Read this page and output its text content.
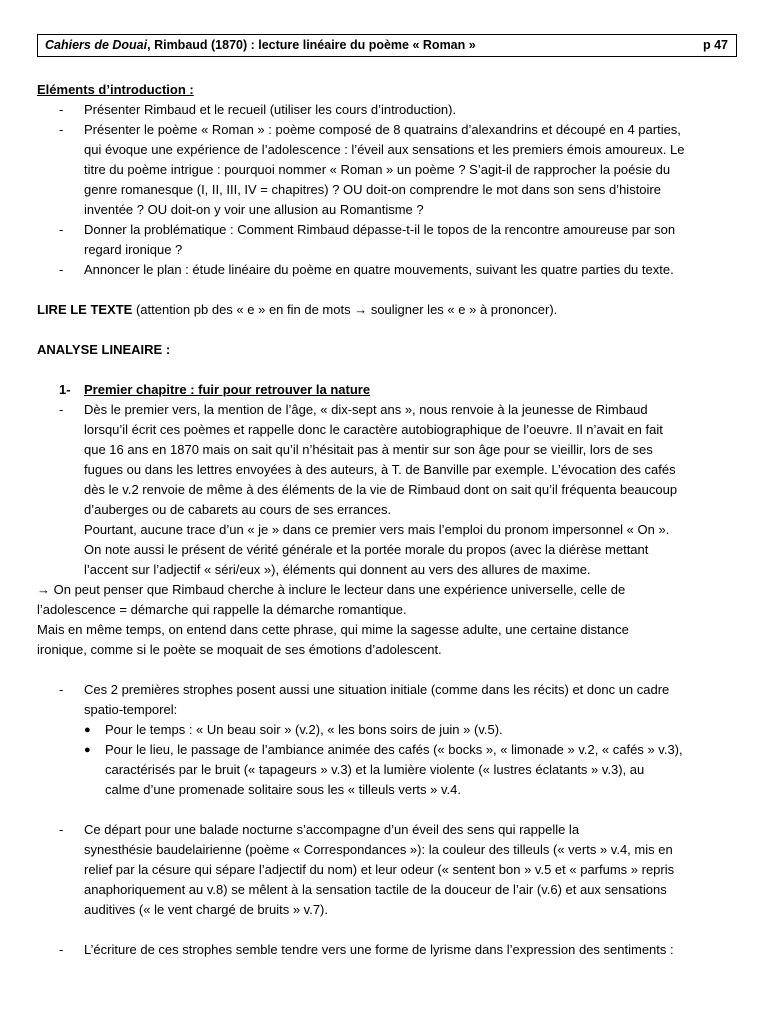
Cahiers de Douai, Rimbaud (1870) : lecture linéaire du poème « Roman »	p 47

Eléments d’introduction :

- Présenter Rimbaud et le recueil (utiliser les cours d’introduction).

- Présenter le poème « Roman » : poème composé de 8 quatrains d’alexandrins et découpé en 4 parties,

qui évoque une expérience de l’adolescence : l’éveil aux sensations et les premiers émois amoureux. Le

titre du poème intrigue : pourquoi nommer « Roman » un poème ? S’agit-il de rapprocher la poésie du

genre romanesque (I, II, III, IV = chapitres) ? OU doit-on comprendre le mot dans son sens d’histoire

inventée ? OU doit-on y voir une allusion au Romantisme ?

- Donner la problématique : Comment Rimbaud dépasse-t-il le topos de la rencontre amoureuse par son

regard ironique ?

- Annoncer le plan : étude linéaire du poème en quatre mouvements, suivant les quatre parties du texte.

LIRE LE TEXTE (attention pb des « e » en fin de mots → souligner les « e » à prononcer).

ANALYSE LINEAIRE :

1- Premier chapitre : fuir pour retrouver la nature

- Dès le premier vers, la mention de l’âge, « dix-sept ans », nous renvoie à la jeunesse de Rimbaud

lorsqu’il écrit ces poèmes et rappelle donc le caractère autobiographique de l’oeuvre. Il n’avait en fait

que 16 ans en 1870 mais on sait qu’il n’hésitait pas à mentir sur son âge pour se vieillir, lors de ses

fugues ou dans les lettres envoyées à des auteurs, à T. de Banville par exemple. L’évocation des cafés

dès le v.2 renvoie de même à des éléments de la vie de Rimbaud dont on sait qu’il fréquenta beaucoup

d’auberges ou de cabarets au cours de ses errances.

Pourtant, aucune trace d’un « je » dans ce premier vers mais l’emploi du pronom impersonnel « On ».

On note aussi le présent de vérité générale et la portée morale du propos (avec la diérèse mettant

l’accent sur l’adjectif « séri/eux »), éléments qui donnent au vers des allures de maxime.

→ On peut penser que Rimbaud cherche à inclure le lecteur dans une expérience universelle, celle de

l’adolescence = démarche qui rappelle la démarche romantique.

Mais en même temps, on entend dans cette phrase, qui mime la sagesse adulte, une certaine distance

ironique, comme si le poète se moquait de ses émotions d’adolescent.

- Ces 2 premières strophes posent aussi une situation initiale (comme dans les récits) et donc un cadre

spatio-temporel:

● Pour le temps : « Un beau soir » (v.2), « les bons soirs de juin » (v.5).

● Pour le lieu, le passage de l’ambiance animée des cafés (« bocks », « limonade » v.2, « cafés » v.3),

caractérisés par le bruit (« tapageurs » v.3) et la lumière violente (« lustres éclatants » v.3), au

calme d’une promenade solitaire sous les « tilleuls verts » v.4.

- Ce départ pour une balade nocturne s’accompagne d’un éveil des sens qui rappelle la

synesthésie baudelairienne (poème « Correspondances »): la couleur des tilleuls (« verts » v.4, mis en

relief par la césure qui sépare l’adjectif du nom) et leur odeur (« sentent bon » v.5 et « parfums » repris

anaphoriquement au v.8) se mêlent à la sensation tactile de la douceur de l’air (v.6) et aux sensations

auditives (« le vent chargé de bruits » v.7).

- L’écriture de ces strophes semble tendre vers une forme de lyrisme dans l’expression des sentiments :
